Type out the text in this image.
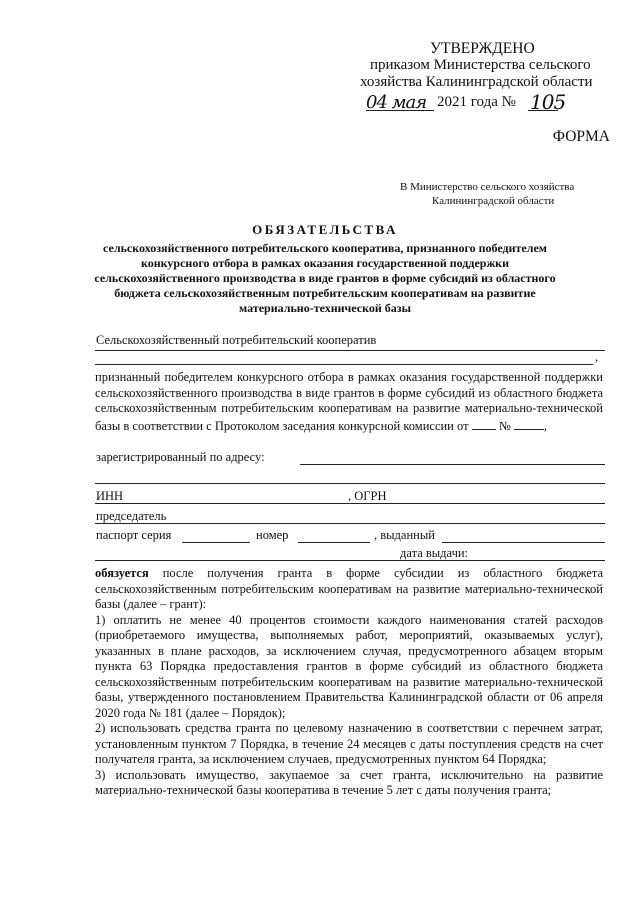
УТВЕРЖДЕНО
приказом Министерства сельского
хозяйства Калининградской области
04 мая 2021 года № 105
ФОРМА
В Министерство сельского хозяйства
Калининградской области
ОБЯЗАТЕЛЬСТВА
сельскохозяйственного потребительского кооператива, признанного победителем конкурсного отбора в рамках оказания государственной поддержки сельскохозяйственного производства в виде грантов в форме субсидий из областного бюджета сельскохозяйственным потребительским кооперативам на развитие материально-технической базы
Сельскохозяйственный потребительский кооператив
,

признанный победителем конкурсного отбора в рамках оказания государственной поддержки сельскохозяйственного производства в виде грантов в форме субсидий из областного бюджета сельскохозяйственным потребительским кооперативам на развитие материально-технической базы в соответствии с Протоколом заседания конкурсной комиссии от №	,

зарегистрированный по адресу:
ИНН	, ОГРН
председатель
паспорт серия	номер	, выданный
дата выдачи:

обязуется после получения гранта в форме субсидии из областного бюджета сельскохозяйственным потребительским кооперативам на развитие материально-технической базы (далее – грант):

1) оплатить не менее 40 процентов стоимости каждого наименования статей расходов (приобретаемого имущества, выполняемых работ, мероприятий, оказываемых услуг), указанных в плане расходов, за исключением случая, предусмотренного абзацем вторым пункта 63 Порядка предоставления грантов в форме субсидий из областного бюджета сельскохозяйственным потребительским кооперативам на развитие материально-технической базы, утвержденного постановлением Правительства Калининградской области от 06 апреля 2020 года № 181 (далее – Порядок);

2) использовать средства гранта по целевому назначению в соответствии с перечнем затрат, установленным пунктом 7 Порядка, в течение 24 месяцев с даты поступления средств на счет получателя гранта, за исключением случаев, предусмотренных пунктом 64 Порядка;

3) использовать имущество, закупаемое за счет гранта, исключительно на развитие материально-технической базы кооператива в течение 5 лет с даты получения гранта;
